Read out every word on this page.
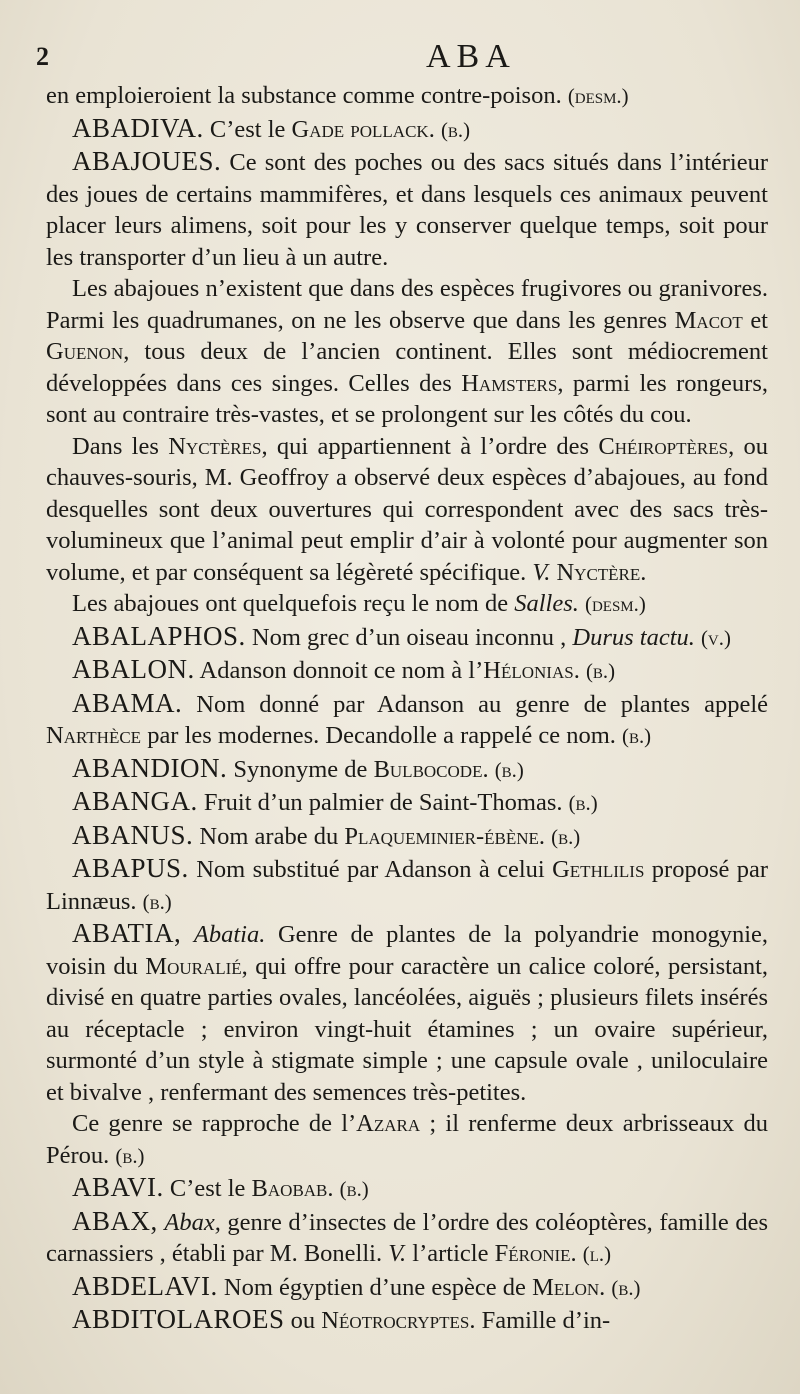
2	ABA

en emploieroient la substance comme contre-poison. (desm.)

ABADIVA. C’est le Gade pollack. (b.)

ABAJOUES. Ce sont des poches ou des sacs situés dans l’intérieur des joues de certains mammifères, et dans lesquels ces animaux peuvent placer leurs alimens, soit pour les y conserver quelque temps, soit pour les transporter d’un lieu à un autre.

Les abajoues n’existent que dans des espèces frugivores ou granivores. Parmi les quadrumanes, on ne les observe que dans les genres Macot et Guenon, tous deux de l’ancien continent. Elles sont médiocrement développées dans ces singes. Celles des Hamsters, parmi les rongeurs, sont au contraire très-vastes, et se prolongent sur les côtés du cou.

Dans les Nyctères, qui appartiennent à l’ordre des Chéiroptères, ou chauves-souris, M. Geoffroy a observé deux espèces d’abajoues, au fond desquelles sont deux ouvertures qui correspondent avec des sacs très-volumineux que l’animal peut emplir d’air à volonté pour augmenter son volume, et par conséquent sa légèreté spécifique. V. Nyctère.

Les abajoues ont quelquefois reçu le nom de Salles. (desm.)

ABALAPHOS. Nom grec d’un oiseau inconnu , Durus tactu. (v.)

ABALON. Adanson donnoit ce nom à l’Hélonias. (b.)

ABAMA. Nom donné par Adanson au genre de plantes appelé Narthèce par les modernes. Decandolle a rappelé ce nom. (b.)

ABANDION. Synonyme de Bulbocode. (b.)

ABANGA. Fruit d’un palmier de Saint-Thomas. (b.)

ABANUS. Nom arabe du Plaqueminier-ébène. (b.)

ABAPUS. Nom substitué par Adanson à celui Gethlilis proposé par Linnæus. (b.)

ABATIA, Abatia. Genre de plantes de la polyandrie monogynie, voisin du Mouralié, qui offre pour caractère un calice coloré, persistant, divisé en quatre parties ovales, lancéolées, aiguës ; plusieurs filets insérés au réceptacle ; environ vingt-huit étamines ; un ovaire supérieur, surmonté d’un style à stigmate simple ; une capsule ovale , uniloculaire et bivalve , renfermant des semences très-petites.

Ce genre se rapproche de l’Azara ; il renferme deux arbrisseaux du Pérou. (b.)

ABAVI. C’est le Baobab. (b.)

ABAX, Abax, genre d’insectes de l’ordre des coléoptères, famille des carnassiers , établi par M. Bonelli. V. l’article Féronie. (l.)

ABDELAVI. Nom égyptien d’une espèce de Melon. (b.)

ABDITOLAROES ou Néotrocryptes. Famille d’in-
